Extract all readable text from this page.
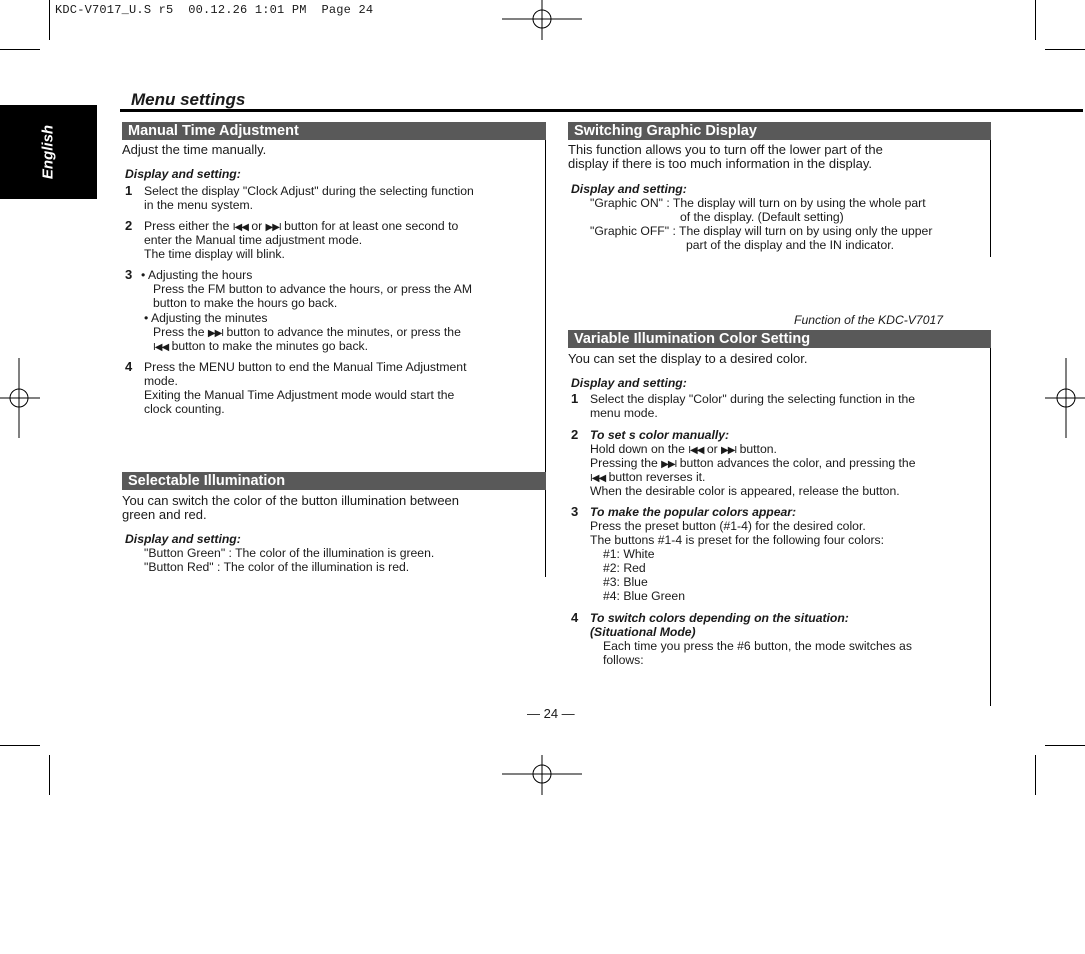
KDC-V7017_U.S r5  00.12.26 1:01 PM  Page 24
English
Menu settings
Manual Time Adjustment
Adjust the time manually.
Display and setting:
1 Select the display "Clock Adjust" during the selecting function
in the menu system.
2 Press either the I◀◀ or ▶▶I button for at least one second to
enter the Manual time adjustment mode.
The time display will blink.
3 • Adjusting the hours
Press the FM button to advance the hours, or press the AM
button to make the hours go back.
• Adjusting the minutes
Press the ▶▶I button to advance the minutes, or press the
I◀◀ button to make the minutes go back.
4 Press the MENU button to end the Manual Time Adjustment
mode.
Exiting the Manual Time Adjustment mode would start the
clock counting.
Selectable Illumination
You can switch the color of the button illumination between
green and red.
Display and setting:
"Button Green" : The color of the illumination is green.
"Button Red" : The color of the illumination is red.
Switching Graphic Display
This function allows you to turn off the lower part of the
display if there is too much information in the display.
Display and setting:
"Graphic ON" : The display will turn on by using the whole part
of the display. (Default setting)
"Graphic OFF" : The display will turn on by using only the upper
part of the display and the IN indicator.
Function of the KDC-V7017
Variable Illumination Color Setting
You can set the display to a desired color.
Display and setting:
1 Select the display "Color" during the selecting function in the
menu mode.
2 To set s color manually:
Hold down on the I◀◀ or ▶▶I button.
Pressing the ▶▶I button advances the color, and pressing the
I◀◀ button reverses it.
When the desirable color is appeared, release the button.
3 To make the popular colors appear:
Press the preset button (#1-4) for the desired color.
The buttons #1-4 is preset for the following four colors:
#1: White
#2: Red
#3: Blue
#4: Blue Green
4 To switch colors depending on the situation:
(Situational Mode)
Each time you press the #6 button, the mode switches as
follows:
— 24 —
